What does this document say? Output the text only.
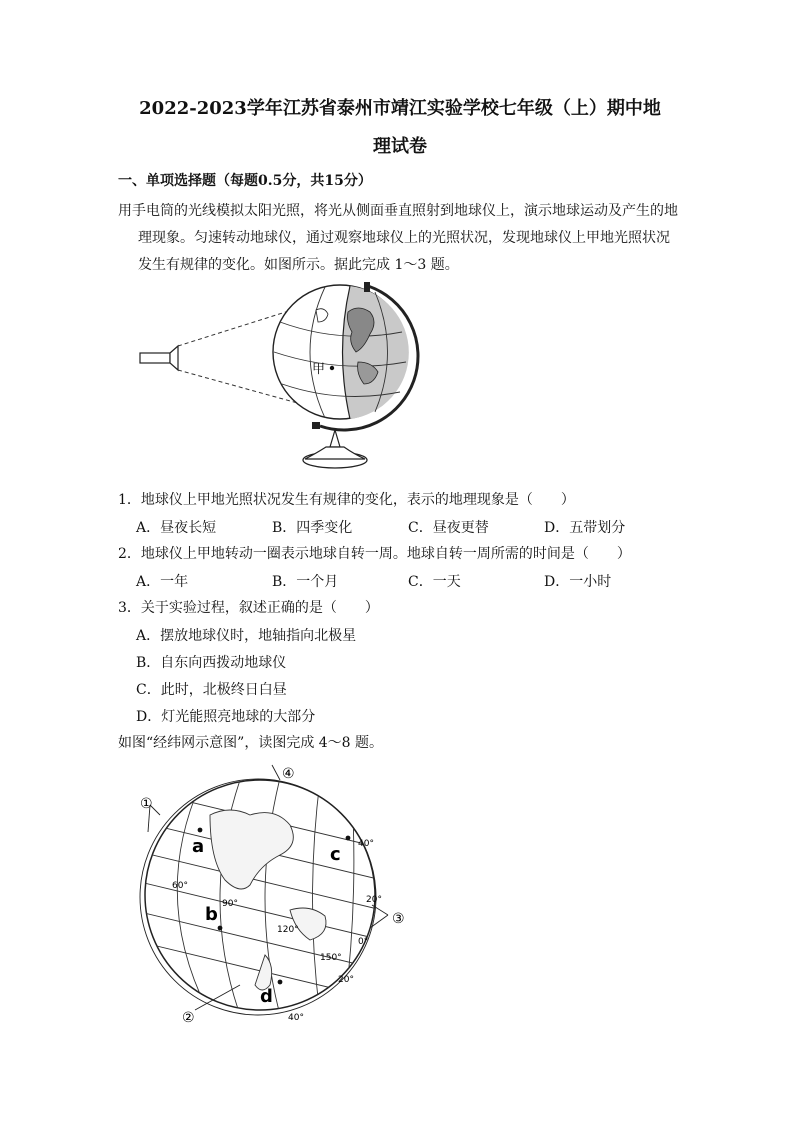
2022-2023学年江苏省泰州市靖江实验学校七年级（上）期中地
理试卷
一、单项选择题（每题0.5分，共15分）
用手电筒的光线模拟太阳光照，将光从侧面垂直照射到地球仪上，演示地球运动及产生的地
理现象。匀速转动地球仪，通过观察地球仪上的光照状况，发现地球仪上甲地光照状况
发生有规律的变化。如图所示。据此完成 1～3 题。
甲
1．地球仪上甲地光照状况发生有规律的变化，表示的地理现象是（　　）
A．昼夜长短	B．四季变化	C．昼夜更替	D．五带划分
2．地球仪上甲地转动一圈表示地球自转一周。地球自转一周所需的时间是（　　）
A．一年	B．一个月	C．一天	D．一小时
3．关于实验过程，叙述正确的是（　　）
A．摆放地球仪时，地轴指向北极星
B．自东向西拨动地球仪
C．此时，北极终日白昼
D．灯光能照亮地球的大部分
如图“经纬网示意图”，读图完成 4～8 题。
①
②
③
④
a
b
c
d
40°
20°
0°
20°
40°
60°
90°
120°
150°
